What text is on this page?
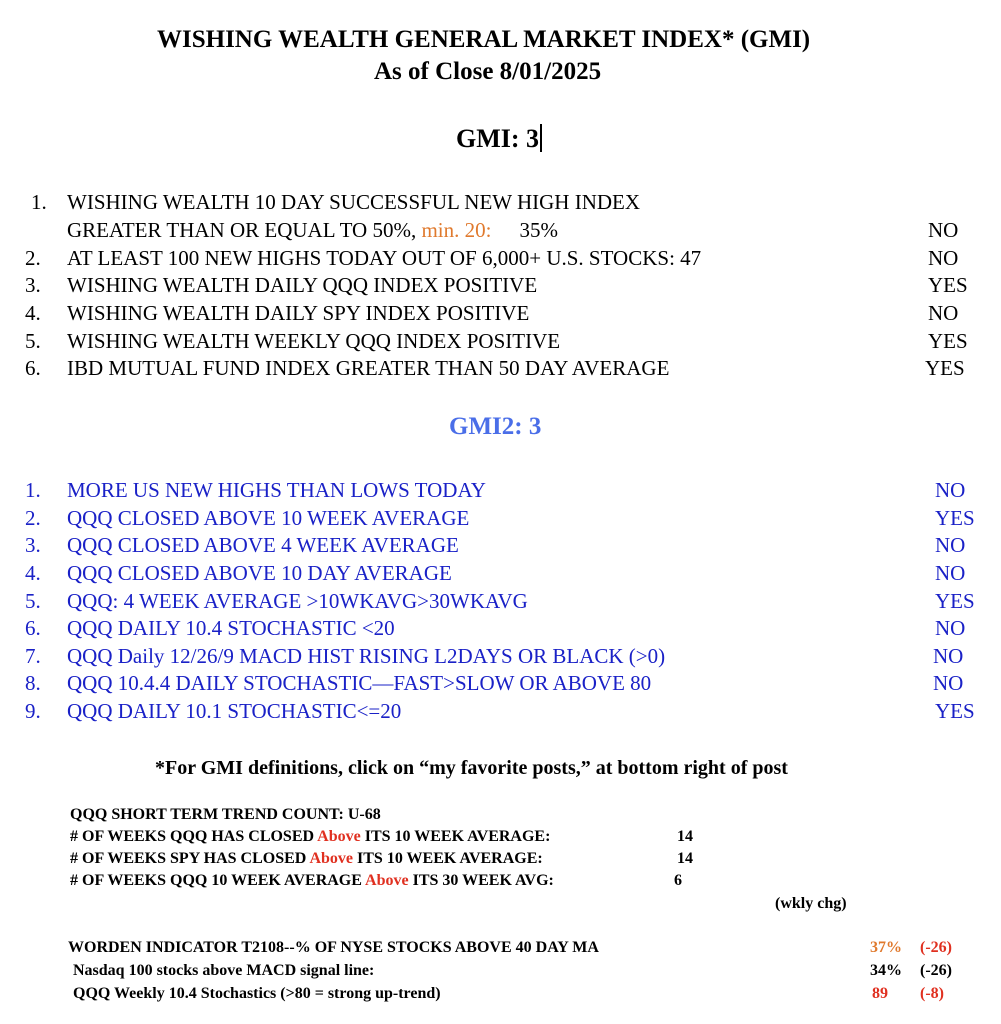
WISHING WEALTH GENERAL MARKET INDEX* (GMI)
As of Close 8/01/2025
GMI: 3
1. WISHING WEALTH 10 DAY SUCCESSFUL NEW HIGH INDEX
GREATER THAN OR EQUAL TO 50%, min. 20: 35%	NO
2. AT LEAST 100 NEW HIGHS TODAY OUT OF 6,000+ U.S. STOCKS: 47	NO
3. WISHING WEALTH DAILY QQQ INDEX POSITIVE	YES
4. WISHING WEALTH DAILY SPY INDEX POSITIVE	NO
5. WISHING WEALTH WEEKLY QQQ INDEX POSITIVE	YES
6. IBD MUTUAL FUND INDEX GREATER THAN 50 DAY AVERAGE	YES
GMI2: 3
1. MORE US NEW HIGHS THAN LOWS TODAY	NO
2. QQQ CLOSED ABOVE 10 WEEK AVERAGE	YES
3. QQQ CLOSED ABOVE 4 WEEK AVERAGE	NO
4. QQQ CLOSED ABOVE 10 DAY AVERAGE	NO
5. QQQ: 4 WEEK AVERAGE >10WKAVG>30WKAVG	YES
6. QQQ DAILY 10.4 STOCHASTIC <20	NO
7. QQQ Daily 12/26/9 MACD HIST RISING L2DAYS OR BLACK (>0)	NO
8. QQQ 10.4.4 DAILY STOCHASTIC—FAST>SLOW OR ABOVE 80	NO
9. QQQ DAILY 10.1 STOCHASTIC<=20	YES
*For GMI definitions, click on “my favorite posts,” at bottom right of post
QQQ SHORT TERM TREND COUNT: U-68
# OF WEEKS QQQ HAS CLOSED Above ITS 10 WEEK AVERAGE:	14
# OF WEEKS SPY HAS CLOSED Above ITS 10 WEEK AVERAGE:	14
# OF WEEKS QQQ 10 WEEK AVERAGE Above ITS 30 WEEK AVG:	6
(wkly chg)
WORDEN INDICATOR T2108--% OF NYSE STOCKS ABOVE 40 DAY MA	37% (-26)
Nasdaq 100 stocks above MACD signal line:	34% (-26)
QQQ Weekly 10.4 Stochastics (>80 = strong up-trend)	89 (-8)
